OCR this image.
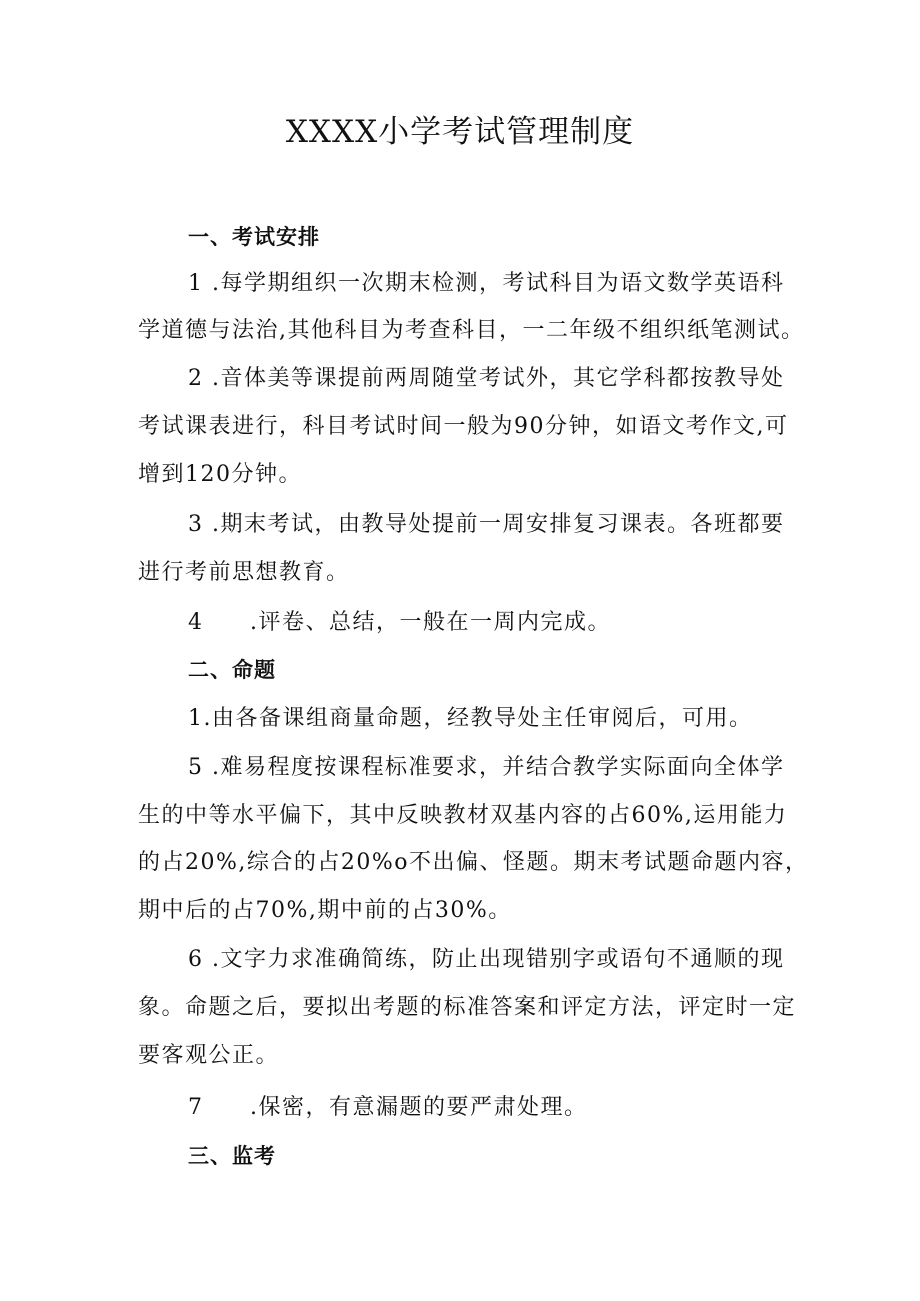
XXXX小学考试管理制度
一、考试安排
1 .每学期组织一次期末检测，考试科目为语文数学英语科
学道德与法治,其他科目为考查科目，一二年级不组织纸笔测试。
2 .音体美等课提前两周随堂考试外，其它学科都按教导处
考试课表进行，科目考试时间一般为90分钟，如语文考作文,可
增到120分钟。
3 .期末考试，由教导处提前一周安排复习课表。各班都要
进行考前思想教育。
4 .评卷、总结，一般在一周内完成。
二、命题
1.由各备课组商量命题，经教导处主任审阅后，可用。
5 .难易程度按课程标准要求，并结合教学实际面向全体学
生的中等水平偏下，其中反映教材双基内容的占60%,运用能力
的占20%,综合的占20%o不出偏、怪题。期末考试题命题内容，
期中后的占70%,期中前的占30%。
6 .文字力求准确简练，防止出现错别字或语句不通顺的现
象。命题之后，要拟出考题的标准答案和评定方法，评定时一定
要客观公正。
7 .保密，有意漏题的要严肃处理。
三、监考
